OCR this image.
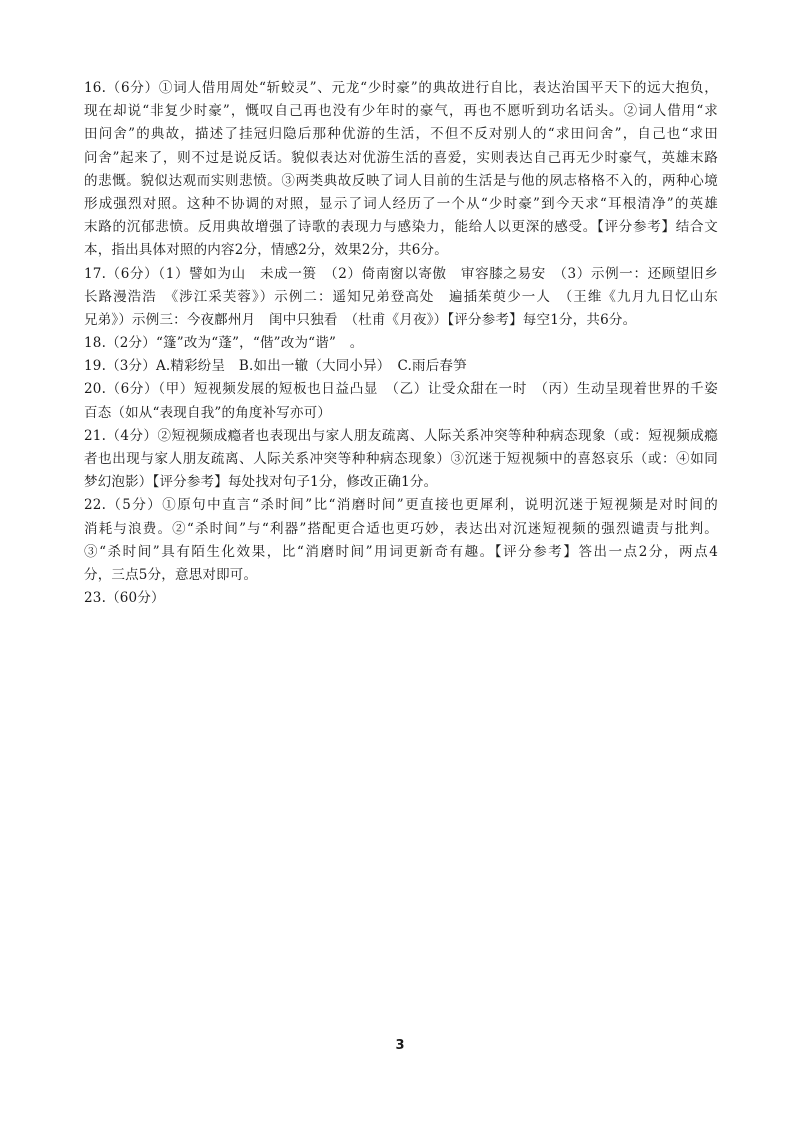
16.（6分）①词人借用周处“斩蛟灵”、元龙“少时豪”的典故进行自比，表达治国平天下的远大抱负，
现在却说“非复少时豪”，慨叹自己再也没有少年时的豪气，再也不愿听到功名话头。②词人借用“求
田问舍”的典故，描述了挂冠归隐后那种优游的生活，不但不反对别人的“求田问舍”，自己也“求田
问舍”起来了，则不过是说反话。貌似表达对优游生活的喜爱，实则表达自己再无少时豪气，英雄末路
的悲慨。貌似达观而实则悲愤。③两类典故反映了词人目前的生活是与他的夙志格格不入的，两种心境
形成强烈对照。这种不协调的对照，显示了词人经历了一个从“少时豪”到今天求“耳根清净”的英雄
末路的沉郁悲愤。反用典故增强了诗歌的表现力与感染力，能给人以更深的感受。【评分参考】结合文
本，指出具体对照的内容2分，情感2分，效果2分，共6分。
17.（6分）（1）譬如为山　未成一篑　（2）倚南窗以寄傲　审容膝之易安　（3）示例一：还顾望旧乡
长路漫浩浩　《涉江采芙蓉》）示例二：遥知兄弟登高处　遍插茱萸少一人　（王维《九月九日忆山东
兄弟》）示例三：今夜鄜州月　闺中只独看　（杜甫《月夜》）【评分参考】每空1分，共6分。
18.（2分）“篷”改为“蓬”，“偕”改为“谐”　。
19.（3分）A.精彩纷呈　B.如出一辙（大同小异）　C.雨后春笋
20.（6分）（甲）短视频发展的短板也日益凸显　（乙）让受众甜在一时　（丙）生动呈现着世界的千姿
百态（如从“表现自我”的角度补写亦可）
21.（4分）②短视频成瘾者也表现出与家人朋友疏离、人际关系冲突等种种病态现象（或：短视频成瘾
者也出现与家人朋友疏离、人际关系冲突等种种病态现象）③沉迷于短视频中的喜怒哀乐（或：④如同
梦幻泡影）【评分参考】每处找对句子1分，修改正确1分。
22.（5分）①原句中直言“杀时间”比“消磨时间”更直接也更犀利，说明沉迷于短视频是对时间的
消耗与浪费。②“杀时间”与“利器”搭配更合适也更巧妙，表达出对沉迷短视频的强烈谴责与批判。
③“杀时间”具有陌生化效果，比“消磨时间”用词更新奇有趣。【评分参考】答出一点2分，两点4
分，三点5分，意思对即可。
23.（60分）
3
